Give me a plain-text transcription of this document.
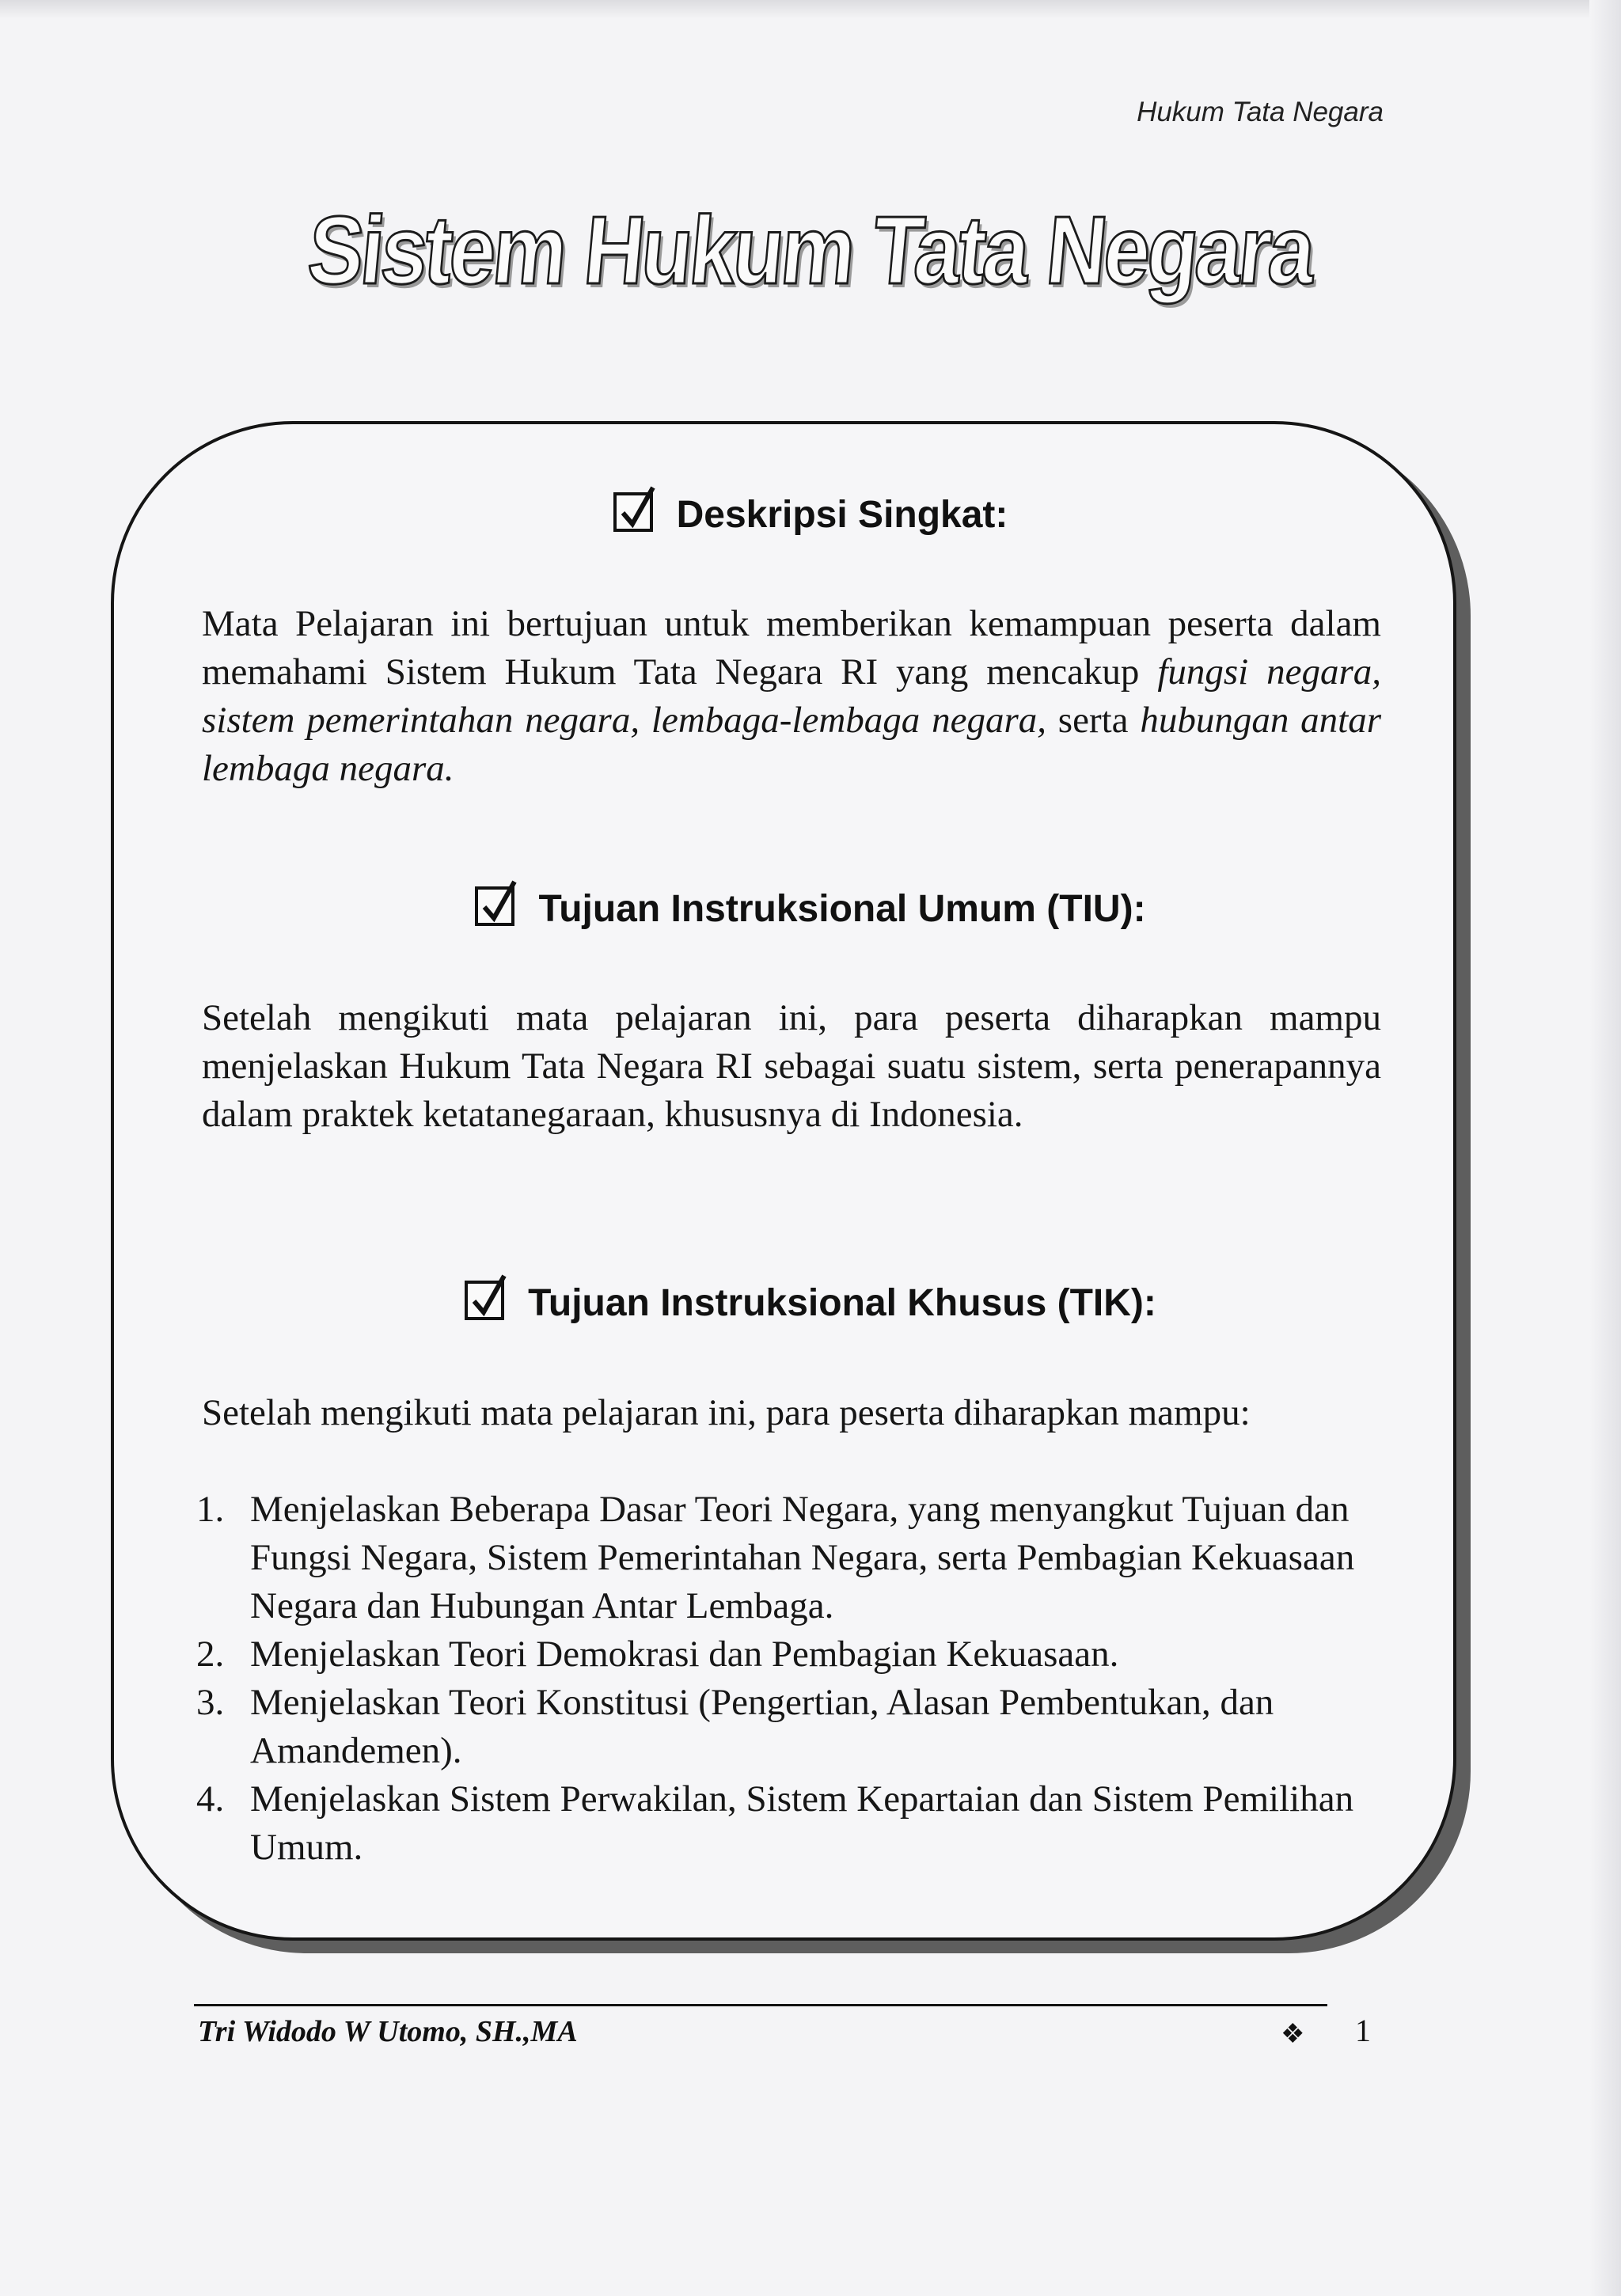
Hukum Tata Negara
Sistem Hukum Tata Negara
Deskripsi Singkat:
Mata Pelajaran ini bertujuan untuk memberikan kemampuan peserta dalam memahami Sistem Hukum Tata Negara RI yang mencakup fungsi negara, sistem pemerintahan negara, lembaga-lembaga negara, serta hubungan antar lembaga negara.
Tujuan Instruksional Umum (TIU):
Setelah mengikuti mata pelajaran ini, para peserta diharapkan mampu menjelaskan Hukum Tata Negara RI sebagai suatu sistem, serta penerapannya dalam praktek ketatanegaraan, khususnya di Indonesia.
Tujuan Instruksional Khusus (TIK):
Setelah mengikuti mata pelajaran ini, para peserta diharapkan mampu:
1. Menjelaskan Beberapa Dasar Teori Negara, yang menyangkut Tujuan dan Fungsi Negara, Sistem Pemerintahan Negara, serta Pembagian Kekuasaan Negara dan Hubungan Antar Lembaga.
2. Menjelaskan Teori Demokrasi dan Pembagian Kekuasaan.
3. Menjelaskan Teori Konstitusi (Pengertian, Alasan Pembentukan, dan Amandemen).
4. Menjelaskan Sistem Perwakilan, Sistem Kepartaian dan Sistem Pemilihan Umum.
Tri Widodo W Utomo, SH.,MA	❖ 1
